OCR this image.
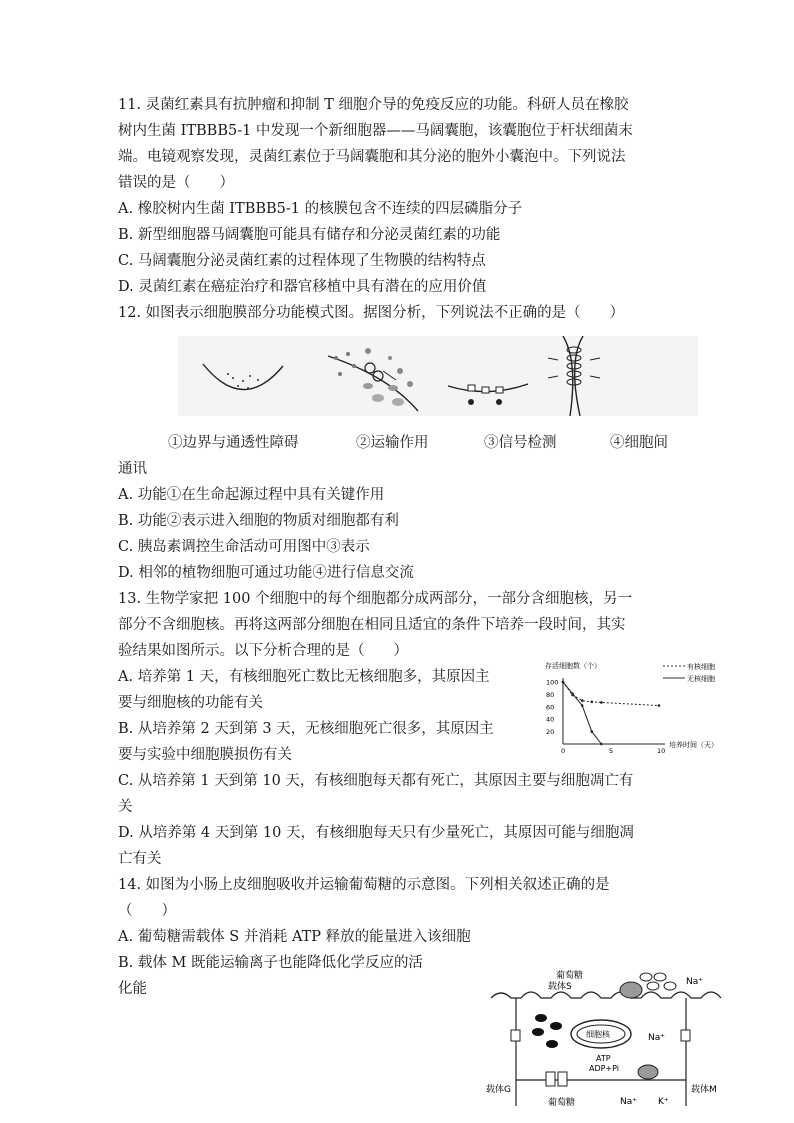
11. 灵菌红素具有抗肿瘤和抑制 T 细胞介导的免疫反应的功能。科研人员在橡胶
树内生菌 ITBBB5-1 中发现一个新细胞器——马阔囊胞，该囊胞位于杆状细菌末
端。电镜观察发现，灵菌红素位于马阔囊胞和其分泌的胞外小囊泡中。下列说法
错误的是（　　）
A. 橡胶树内生菌 ITBBB5-1 的核膜包含不连续的四层磷脂分子
B. 新型细胞器马阔囊胞可能具有储存和分泌灵菌红素的功能
C. 马阔囊胞分泌灵菌红素的过程体现了生物膜的结构特点
D. 灵菌红素在癌症治疗和器官移植中具有潜在的应用价值
12. 如图表示细胞膜部分功能模式图。据图分析，下列说法不正确的是（　　）
①边界与通透性障碍	②运输作用	③信号检测	④细胞间
通讯
A. 功能①在生命起源过程中具有关键作用
B. 功能②表示进入细胞的物质对细胞都有利
C. 胰岛素调控生命活动可用图中③表示
D. 相邻的植物细胞可通过功能④进行信息交流
13. 生物学家把 100 个细胞中的每个细胞都分成两部分，一部分含细胞核，另一
部分不含细胞核。再将这两部分细胞在相同且适宜的条件下培养一段时间，其实
验结果如图所示。以下分析合理的是（　　）
A. 培养第 1 天，有核细胞死亡数比无核细胞多，其原因主
要与细胞核的功能有关
B. 从培养第 2 天到第 3 天，无核细胞死亡很多，其原因主
要与实验中细胞膜损伤有关
C. 从培养第 1 天到第 10 天，有核细胞每天都有死亡，其原因主要与细胞凋亡有
关
D. 从培养第 4 天到第 10 天，有核细胞每天只有少量死亡，其原因可能与细胞凋
亡有关
14. 如图为小肠上皮细胞吸收并运输葡萄糖的示意图。下列相关叙述正确的是
（　　）
A. 葡萄糖需载体 S 并消耗 ATP 释放的能量进入该细胞
B. 载体 M 既能运输离子也能降低化学反应的活
化能
存活细胞数（个）	有核细胞
无核细胞
100
80
60
40
20
0	5	10
培养时间（天）
葡萄糖
载体S	Na⁺
细胞核	Na⁺
ATP
ADP+Pi
载体G
葡萄糖	Na⁺ K⁺
载体M
